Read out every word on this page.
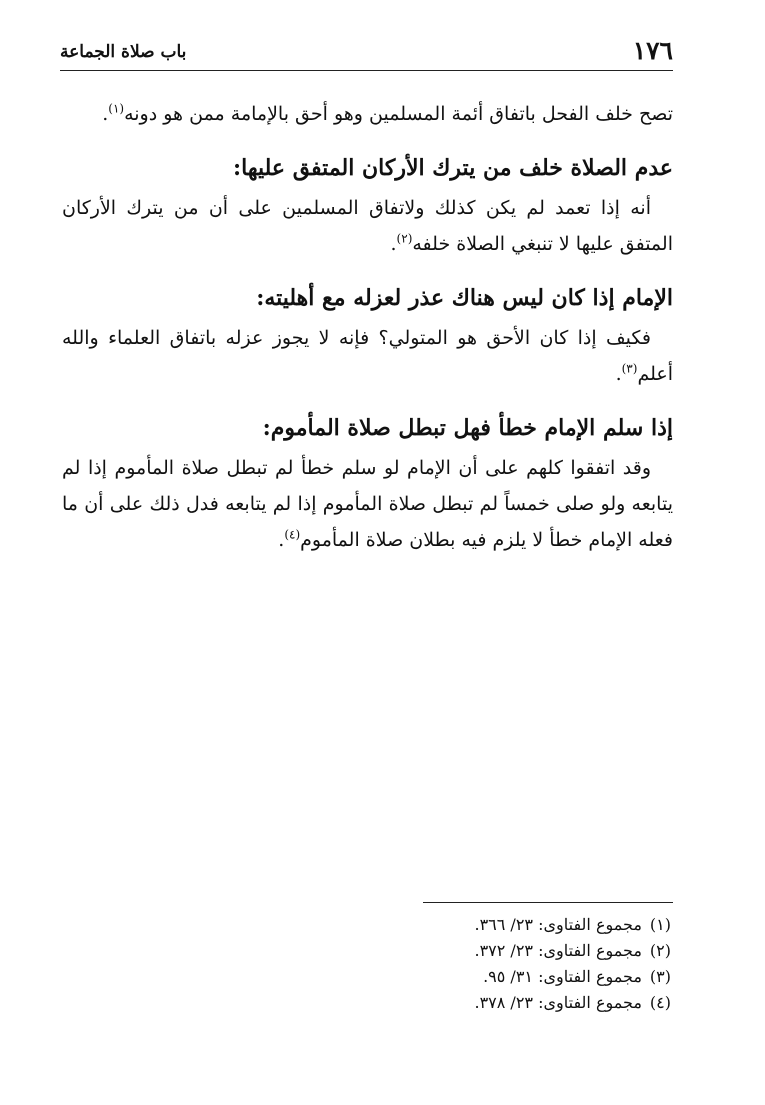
١٧٦
باب صلاة الجماعة

تصح خلف الفحل باتفاق أئمة المسلمين وهو أحق بالإمامة ممن هو دونه$^{(١)}$.

عدم الصلاة خلف من يترك الأركان المتفق عليها:

أنه إذا تعمد لم يكن كذلك ولاتفاق المسلمين على أن من يترك الأركان المتفق عليها لا تنبغي الصلاة خلفه$^{(٢)}$.

الإمام إذا كان ليس هناك عذر لعزله مع أهليته:

فكيف إذا كان الأحق هو المتولي؟ فإنه لا يجوز عزله باتفاق العلماء والله أعلم$^{(٣)}$.

إذا سلم الإمام خطأ فهل تبطل صلاة المأموم:

وقد اتفقوا كلهم على أن الإمام لو سلم خطأ لم تبطل صلاة المأموم إذا لم يتابعه ولو صلى خمساً لم تبطل صلاة المأموم إذا لم يتابعه فدل ذلك على أن ما فعله الإمام خطأ لا يلزم فيه بطلان صلاة المأموم$^{(٤)}$.

(١)مجموع الفتاوى: ٢٣/ ٣٦٦.
(٢)مجموع الفتاوى: ٢٣/ ٣٧٢.
(٣)مجموع الفتاوى: ٣١/ ٩٥.
(٤)مجموع الفتاوى: ٢٣/ ٣٧٨.
